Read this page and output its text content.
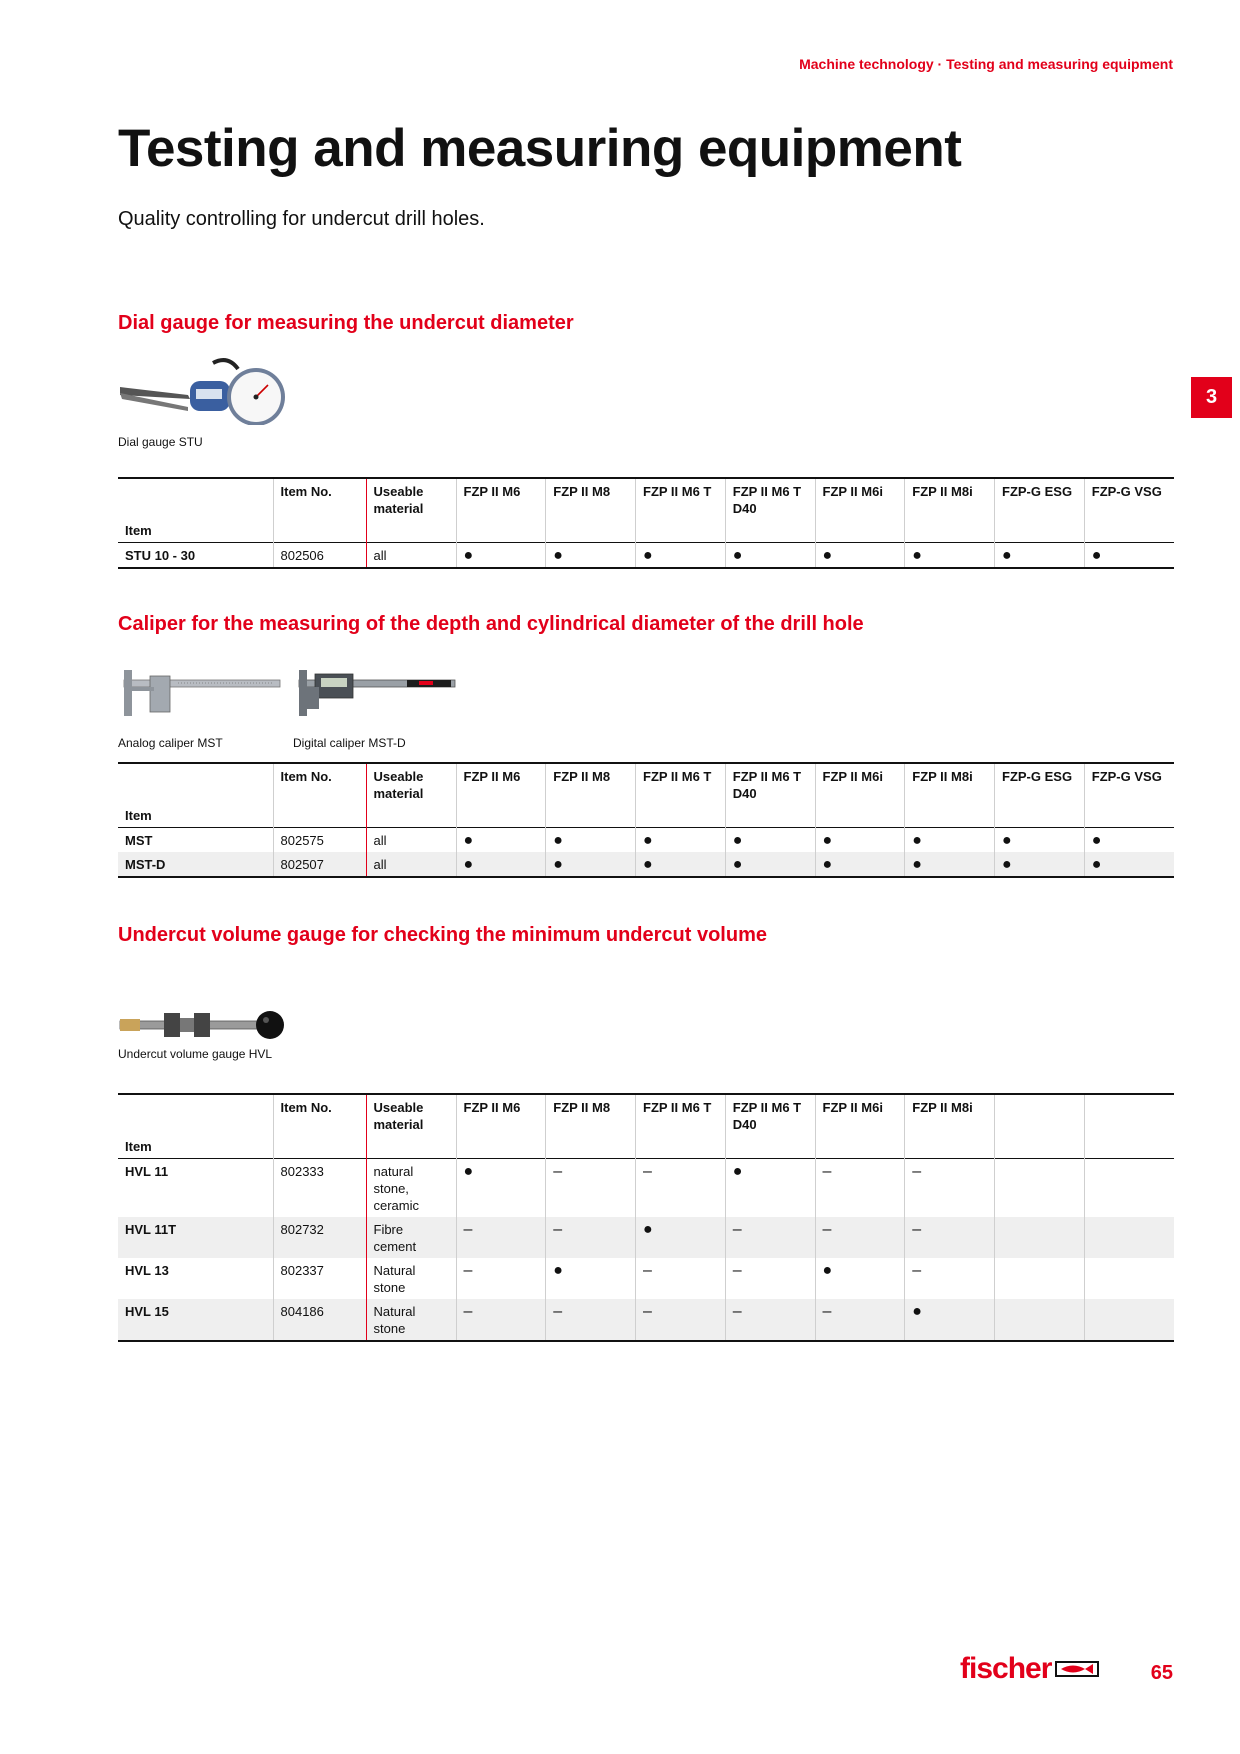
Machine technology · Testing and measuring equipment
Testing and measuring equipment

Quality controlling for undercut drill holes.

3
Dial gauge for measuring the undercut diameter
Dial gauge STU
Item	Item No.	Useable material	FZP II M6	FZP II M8	FZP II M6 T	FZP II M6 T D40	FZP II M6i	FZP II M8i	FZP-G ESG	FZP-G VSG
STU 10 - 30	802506	all	●	●	●	●	●	●	●	●
Caliper for the measuring of the depth and cylindrical diameter of the drill hole
Analog caliper MST	Digital caliper MST-D
Item	Item No.	Useable material	FZP II M6	FZP II M8	FZP II M6 T	FZP II M6 T D40	FZP II M6i	FZP II M8i	FZP-G ESG	FZP-G VSG
MST	802575	all	●	●	●	●	●	●	●	●
MST-D	802507	all	●	●	●	●	●	●	●	●
Undercut volume gauge for checking the minimum undercut volume
Undercut volume gauge HVL
Item	Item No.	Useable material	FZP II M6	FZP II M8	FZP II M6 T	FZP II M6 T D40	FZP II M6i	FZP II M8i		
HVL 11	802333	natural stone, ceramic	●	–	–	●	–	–		
HVL 11T	802732	Fibre cement	–	–	●	–	–	–		
HVL 13	802337	Natural stone	–	●	–	–	●	–		
HVL 15	804186	Natural stone	–	–	–	–	–	●		
fischer	65
